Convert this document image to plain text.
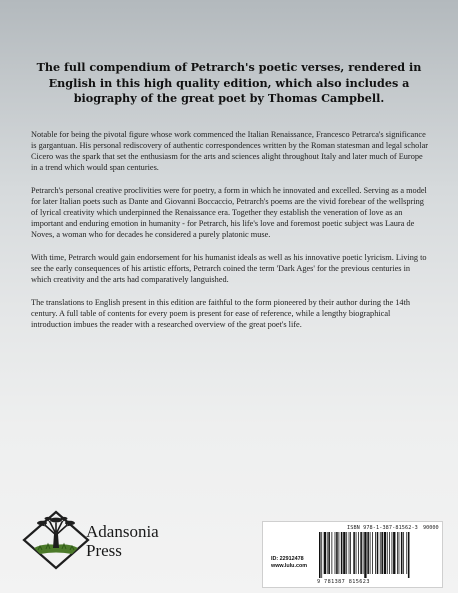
The full compendium of Petrarch's poetic verses, rendered in English in this high quality edition, which also includes a biography of the great poet by Thomas Campbell.

Notable for being the pivotal figure whose work commenced the Italian Renaissance, Francesco Petrarca's significance is gargantuan. His personal rediscovery of authentic correspondences written by the Roman statesman and legal scholar Cicero was the spark that set the enthusiasm for the arts and sciences alight throughout Italy and later much of Europe in a trend which would span centuries.

Petrarch's personal creative proclivities were for poetry, a form in which he innovated and excelled. Serving as a model for later Italian poets such as Dante and Giovanni Boccaccio, Petrarch's poems are the vivid forebear of the wellspring of lyrical creativity which underpinned the Renaissance era. Together they establish the veneration of love as an important and enduring emotion in humanity - for Petrarch, his life's love and foremost poetic subject was Laura de Noves, a woman who for decades he considered a purely platonic muse.

With time, Petrarch would gain endorsement for his humanist ideals as well as his innovative poetic lyricism. Living to see the early consequences of his artistic efforts, Petrarch coined the term 'Dark Ages' for the previous centuries in which creativity and the arts had comparatively languished.

The translations to English present in this edition are faithful to the form pioneered by their author during the 14th century. A full table of contents for every poem is present for ease of reference, while a lengthy biographical introduction imbues the reader with a researched overview of the great poet's life.

Adansonia
Press
ISBN 978-1-387-81562-3 90000
ID: 22912478
www.lulu.com
9 781387 815623
